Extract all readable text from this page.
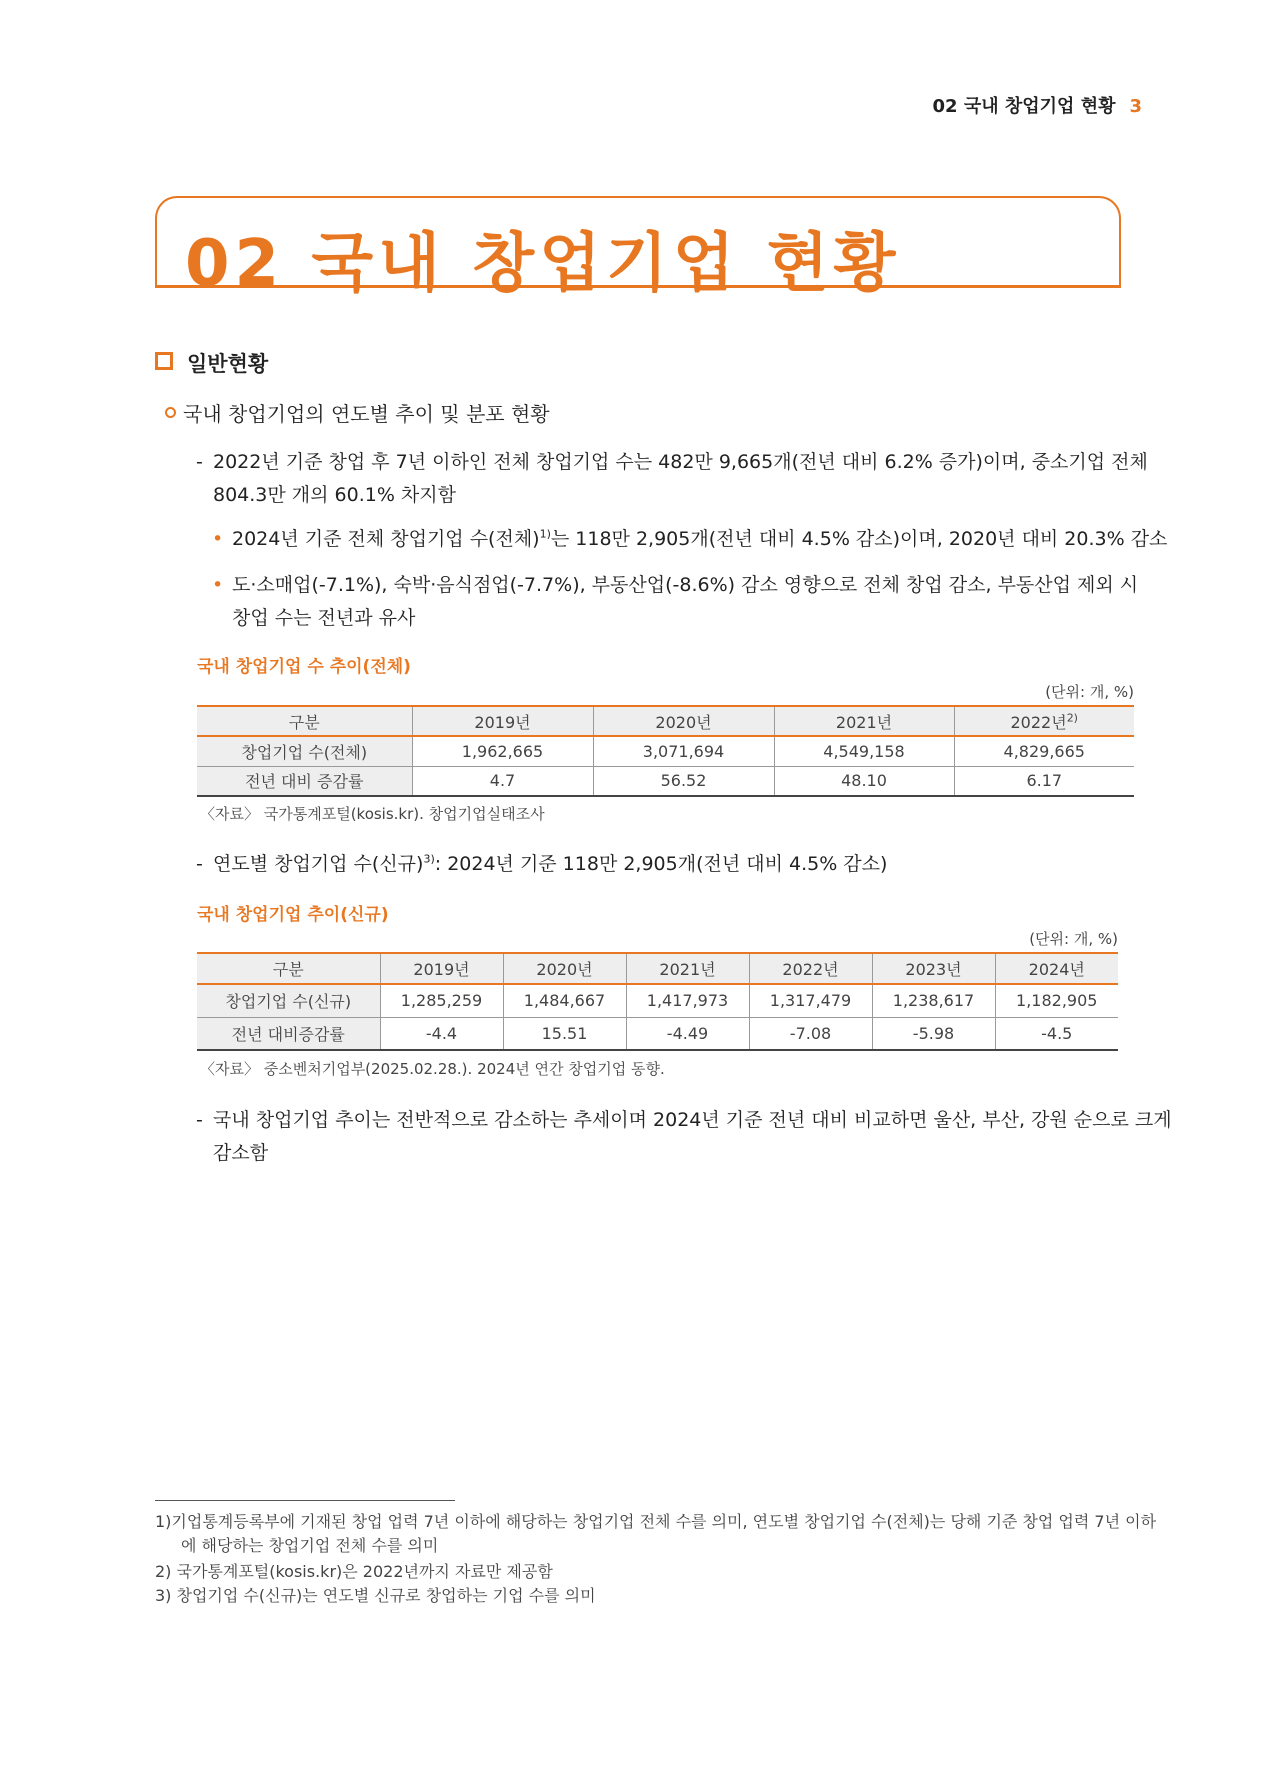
02 국내 창업기업 현황 3
02 국내 창업기업 현황
일반현황
국내 창업기업의 연도별 추이 및 분포 현황
- 2022년 기준 창업 후 7년 이하인 전체 창업기업 수는 482만 9,665개(전년 대비 6.2% 증가)이며, 중소기업 전체
804.3만 개의 60.1% 차지함
• 2024년 기준 전체 창업기업 수(전체)$^{1)}$는 118만 2,905개(전년 대비 4.5% 감소)이며, 2020년 대비 20.3% 감소
• 도·소매업(-7.1%), 숙박·음식점업(-7.7%), 부동산업(-8.6%) 감소 영향으로 전체 창업 감소, 부동산업 제외 시
창업 수는 전년과 유사
국내 창업기업 수 추이(전체)
(단위: 개, %)
구분	2019년	2020년	2021년	2022년$^{2)}$
창업기업 수(전체)	1,962,665	3,071,694	4,549,158	4,829,665
전년 대비 증감률	4.7	56.52	48.10	6.17
〈자료〉 국가통계포털(kosis.kr). 창업기업실태조사
- 연도별 창업기업 수(신규)$^{3)}$: 2024년 기준 118만 2,905개(전년 대비 4.5% 감소)
국내 창업기업 추이(신규)
(단위: 개, %)
구분	2019년	2020년	2021년	2022년	2023년	2024년
창업기업 수(신규)	1,285,259	1,484,667	1,417,973	1,317,479	1,238,617	1,182,905
전년 대비증감률	-4.4	15.51	-4.49	-7.08	-5.98	-4.5
〈자료〉 중소벤처기업부(2025.02.28.). 2024년 연간 창업기업 동향.
- 국내 창업기업 추이는 전반적으로 감소하는 추세이며 2024년 기준 전년 대비 비교하면 울산, 부산, 강원 순으로 크게
감소함
1)기업통계등록부에 기재된 창업 업력 7년 이하에 해당하는 창업기업 전체 수를 의미, 연도별 창업기업 수(전체)는 당해 기준 창업 업력 7년 이하
에 해당하는 창업기업 전체 수를 의미
2) 국가통계포털(kosis.kr)은 2022년까지 자료만 제공함
3) 창업기업 수(신규)는 연도별 신규로 창업하는 기업 수를 의미
